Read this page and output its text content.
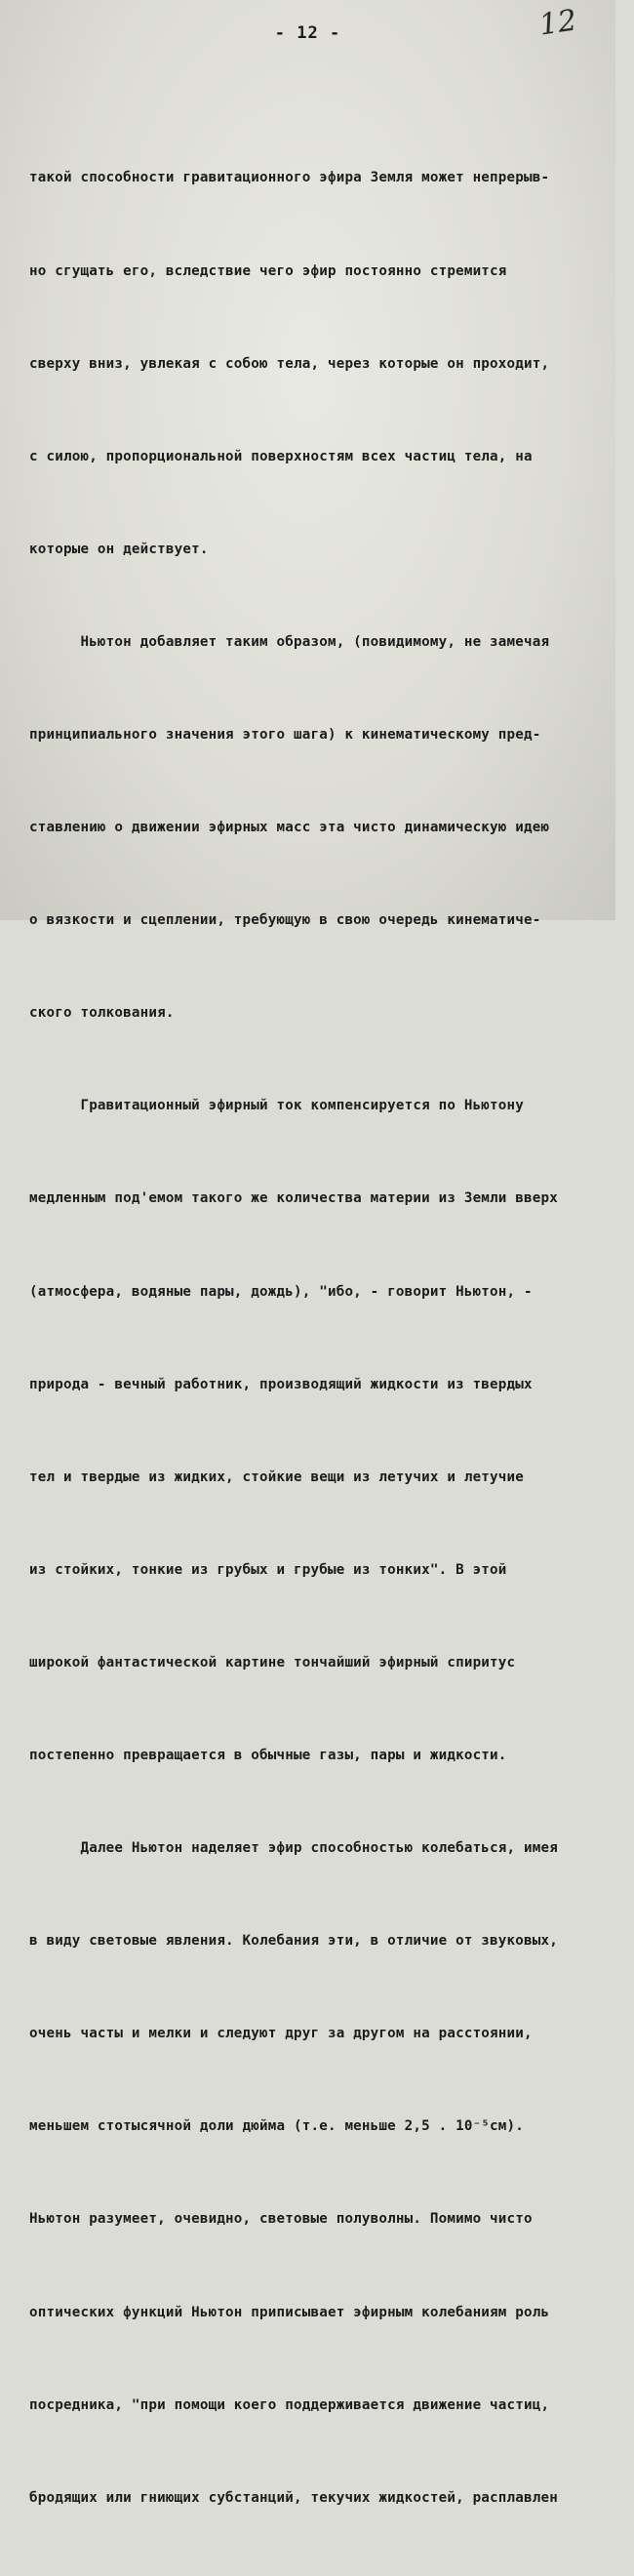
- 12 -	12

такой способности гравитационного эфира Земля может непрерыв-

но сгущать его, вследствие чего эфир постоянно стремится

сверху вниз, увлекая с собою тела, через которые он проходит,

с силою, пропорциональной поверхностям всех частиц тела, на

которые он действует.

Ньютон добавляет таким образом, (повидимому, не замечая

принципиального значения этого шага) к кинематическому пред-

ставлению о движении эфирных масс эта чисто динамическую идею

о вязкости и сцеплении, требующую в свою очередь кинематиче-

ского толкования.

Гравитационный эфирный ток компенсируется по Ньютону

медленным под'емом такого же количества материи из Земли вверх

(атмосфера, водяные пары, дождь), "ибо, - говорит Ньютон, -

природа - вечный работник, производящий жидкости из твердых

тел и твердые из жидких, стойкие вещи из летучих и летучие

из стойких, тонкие из грубых и грубые из тонких". В этой

широкой фантастической картине тончайший эфирный спиритус

постепенно превращается в обычные газы, пары и жидкости.

Далее Ньютон наделяет эфир способностью колебаться, имея

в виду световые явления. Колебания эти, в отличие от звуковых,

очень часты и мелки и следуют друг за другом на расстоянии,

меньшем стотысячной доли дюйма (т.е. меньше 2,5 . 10⁻⁵см).

Ньютон разумеет, очевидно, световые полуволны. Помимо чисто

оптических функций Ньютон приписывает эфирным колебаниям роль

посредника, "при помощи коего поддерживается движение частиц,

бродящих или гниющих субстанций, текучих жидкостей, расплавлен
